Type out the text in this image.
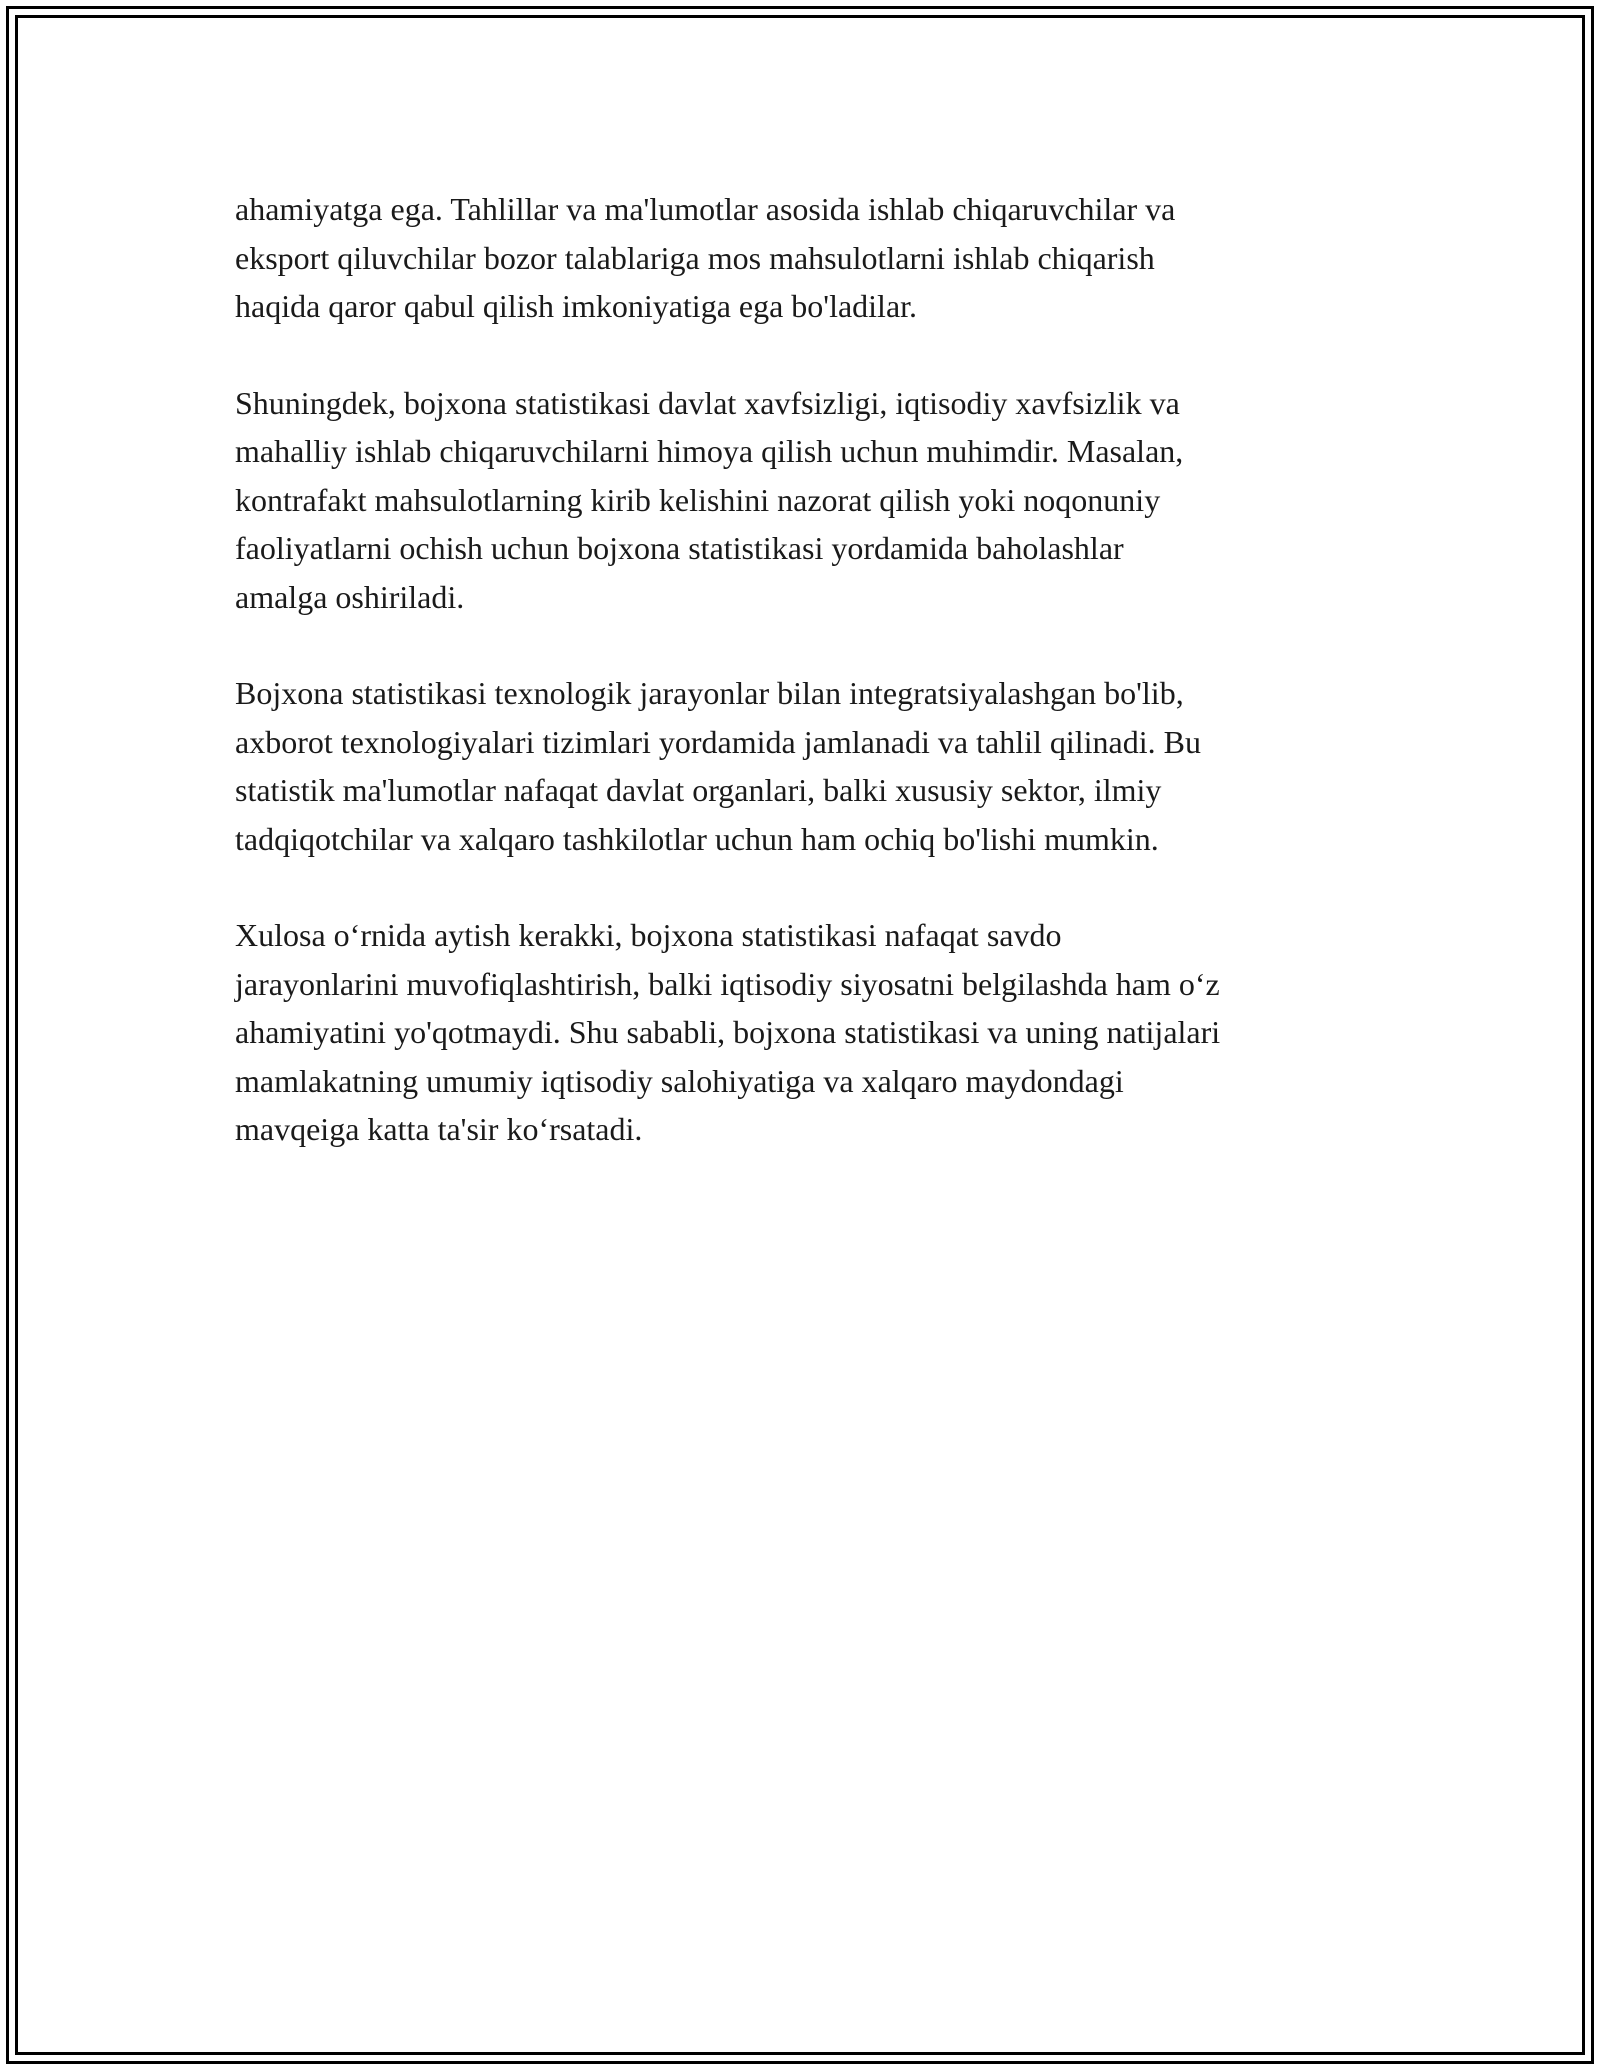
ahamiyatga ega. Tahlillar va ma'lumotlar asosida ishlab chiqaruvchilar va
eksport qiluvchilar bozor talablariga mos mahsulotlarni ishlab chiqarish
haqida qaror qabul qilish imkoniyatiga ega bo'ladilar.

Shuningdek, bojxona statistikasi davlat xavfsizligi, iqtisodiy xavfsizlik va
mahalliy ishlab chiqaruvchilarni himoya qilish uchun muhimdir. Masalan,
kontrafakt mahsulotlarning kirib kelishini nazorat qilish yoki noqonuniy
faoliyatlarni ochish uchun bojxona statistikasi yordamida baholashlar
amalga oshiriladi.

Bojxona statistikasi texnologik jarayonlar bilan integratsiyalashgan bo'lib,
axborot texnologiyalari tizimlari yordamida jamlanadi va tahlil qilinadi. Bu
statistik ma'lumotlar nafaqat davlat organlari, balki xususiy sektor, ilmiy
tadqiqotchilar va xalqaro tashkilotlar uchun ham ochiq bo'lishi mumkin.

Xulosa o‘rnida aytish kerakki, bojxona statistikasi nafaqat savdo
jarayonlarini muvofiqlashtirish, balki iqtisodiy siyosatni belgilashda ham o‘z
ahamiyatini yo'qotmaydi. Shu sababli, bojxona statistikasi va uning natijalari
mamlakatning umumiy iqtisodiy salohiyatiga va xalqaro maydondagi
mavqeiga katta ta'sir ko‘rsatadi.
